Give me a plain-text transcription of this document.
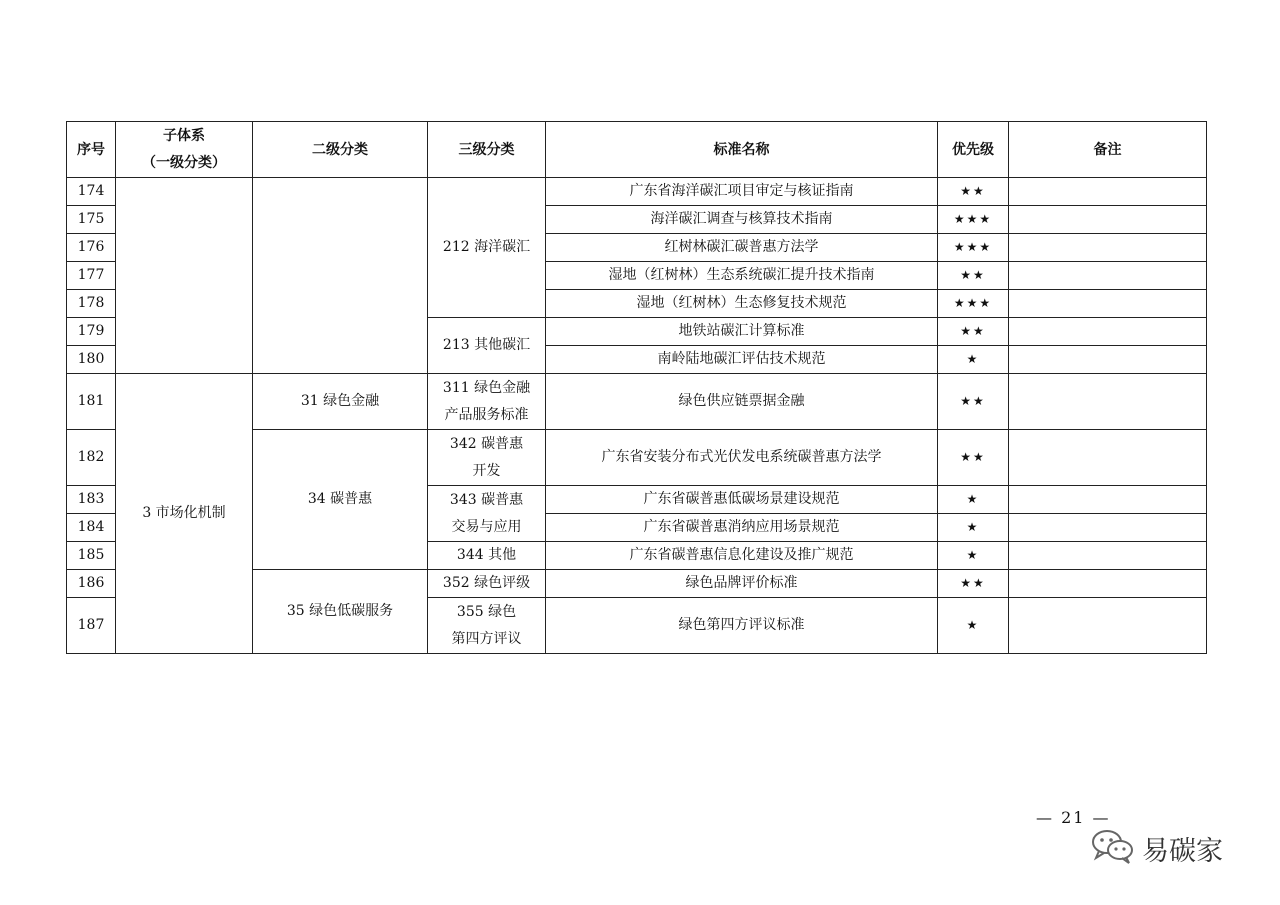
序号	子体系
（一级分类）	二级分类	三级分类	标准名称	优先级	备注
174			212 海洋碳汇	广东省海洋碳汇项目审定与核证指南	★★	
175				海洋碳汇调查与核算技术指南	★★★	
176				红树林碳汇碳普惠方法学	★★★	
177				湿地（红树林）生态系统碳汇提升技术指南	★★	
178				湿地（红树林）生态修复技术规范	★★★	
179			213 其他碳汇	地铁站碳汇计算标准	★★	
180				南岭陆地碳汇评估技术规范	★	
181	3 市场化机制	31 绿色金融	311 绿色金融
产品服务标准	绿色供应链票据金融	★★	
182		34 碳普惠	342 碳普惠
开发	广东省安装分布式光伏发电系统碳普惠方法学	★★	
183			343 碳普惠
交易与应用	广东省碳普惠低碳场景建设规范	★	
184				广东省碳普惠消纳应用场景规范	★	
185			344 其他	广东省碳普惠信息化建设及推广规范	★	
186		35 绿色低碳服务	352 绿色评级	绿色品牌评价标准	★★	
187			355 绿色
第四方评议	绿色第四方评议标准	★	
— 21 —
易碳家
